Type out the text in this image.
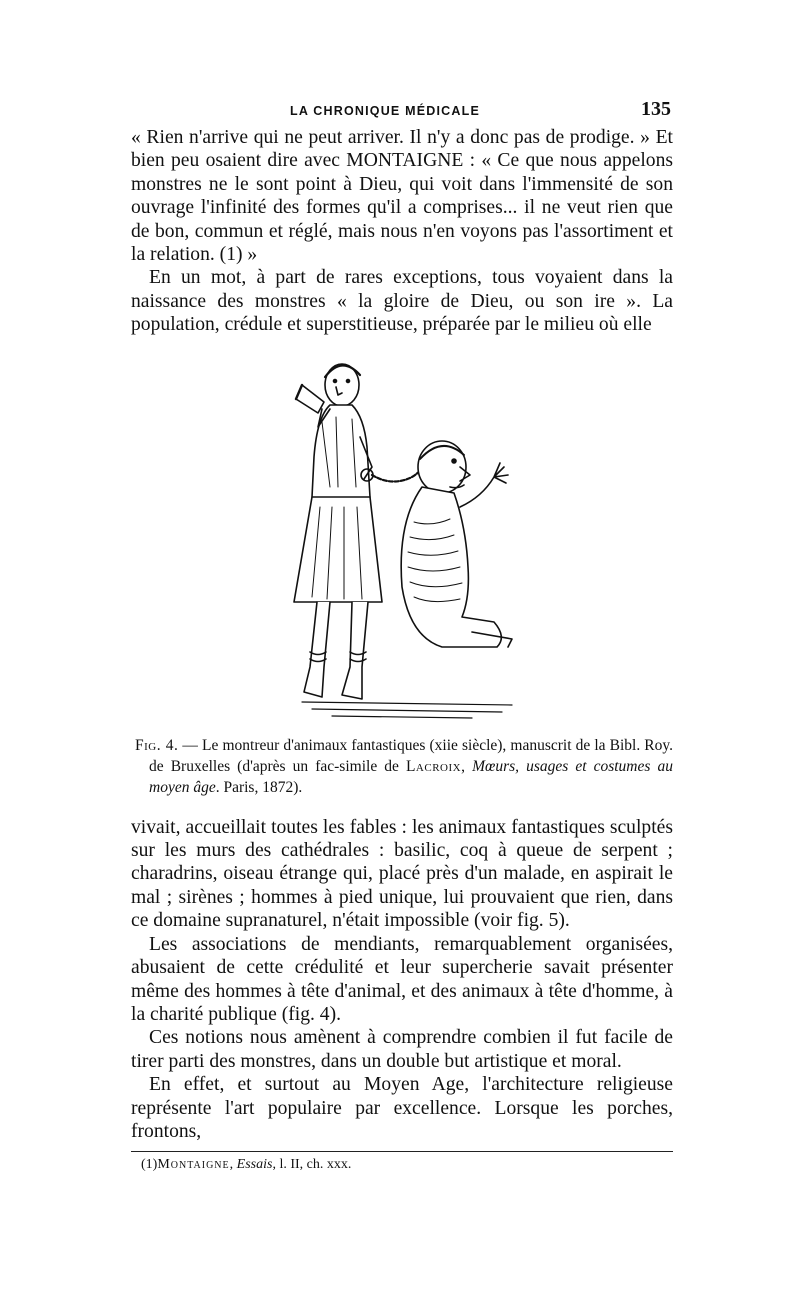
LA CHRONIQUE MÉDICALE	135

« Rien n'arrive qui ne peut arriver. Il n'y a donc pas de prodige. » Et bien peu osaient dire avec MONTAIGNE : « Ce que nous appelons monstres ne le sont point à Dieu, qui voit dans l'immensité de son ouvrage l'infinité des formes qu'il a comprises... il ne veut rien que de bon, commun et réglé, mais nous n'en voyons pas l'assortiment et la relation. (1) »

En un mot, à part de rares exceptions, tous voyaient dans la naissance des monstres « la gloire de Dieu, ou son ire ». La population, crédule et superstitieuse, préparée par le milieu où elle

Fig. 4. — Le montreur d'animaux fantastiques (xiie siècle), manuscrit de la Bibl. Roy. de Bruxelles (d'après un fac-simile de Lacroix, Mœurs, usages et costumes au moyen âge. Paris, 1872).

vivait, accueillait toutes les fables : les animaux fantastiques sculptés sur les murs des cathédrales : basilic, coq à queue de serpent ; charadrins, oiseau étrange qui, placé près d'un malade, en aspirait le mal ; sirènes ; hommes à pied unique, lui prouvaient que rien, dans ce domaine supranaturel, n'était impossible (voir fig. 5).

Les associations de mendiants, remarquablement organisées, abusaient de cette crédulité et leur supercherie savait présenter même des hommes à tête d'animal, et des animaux à tête d'homme, à la charité publique (fig. 4).

Ces notions nous amènent à comprendre combien il fut facile de tirer parti des monstres, dans un double but artistique et moral.

En effet, et surtout au Moyen Age, l'architecture religieuse représente l'art populaire par excellence. Lorsque les porches, frontons,

(1)Montaigne, Essais, l. II, ch. xxx.
